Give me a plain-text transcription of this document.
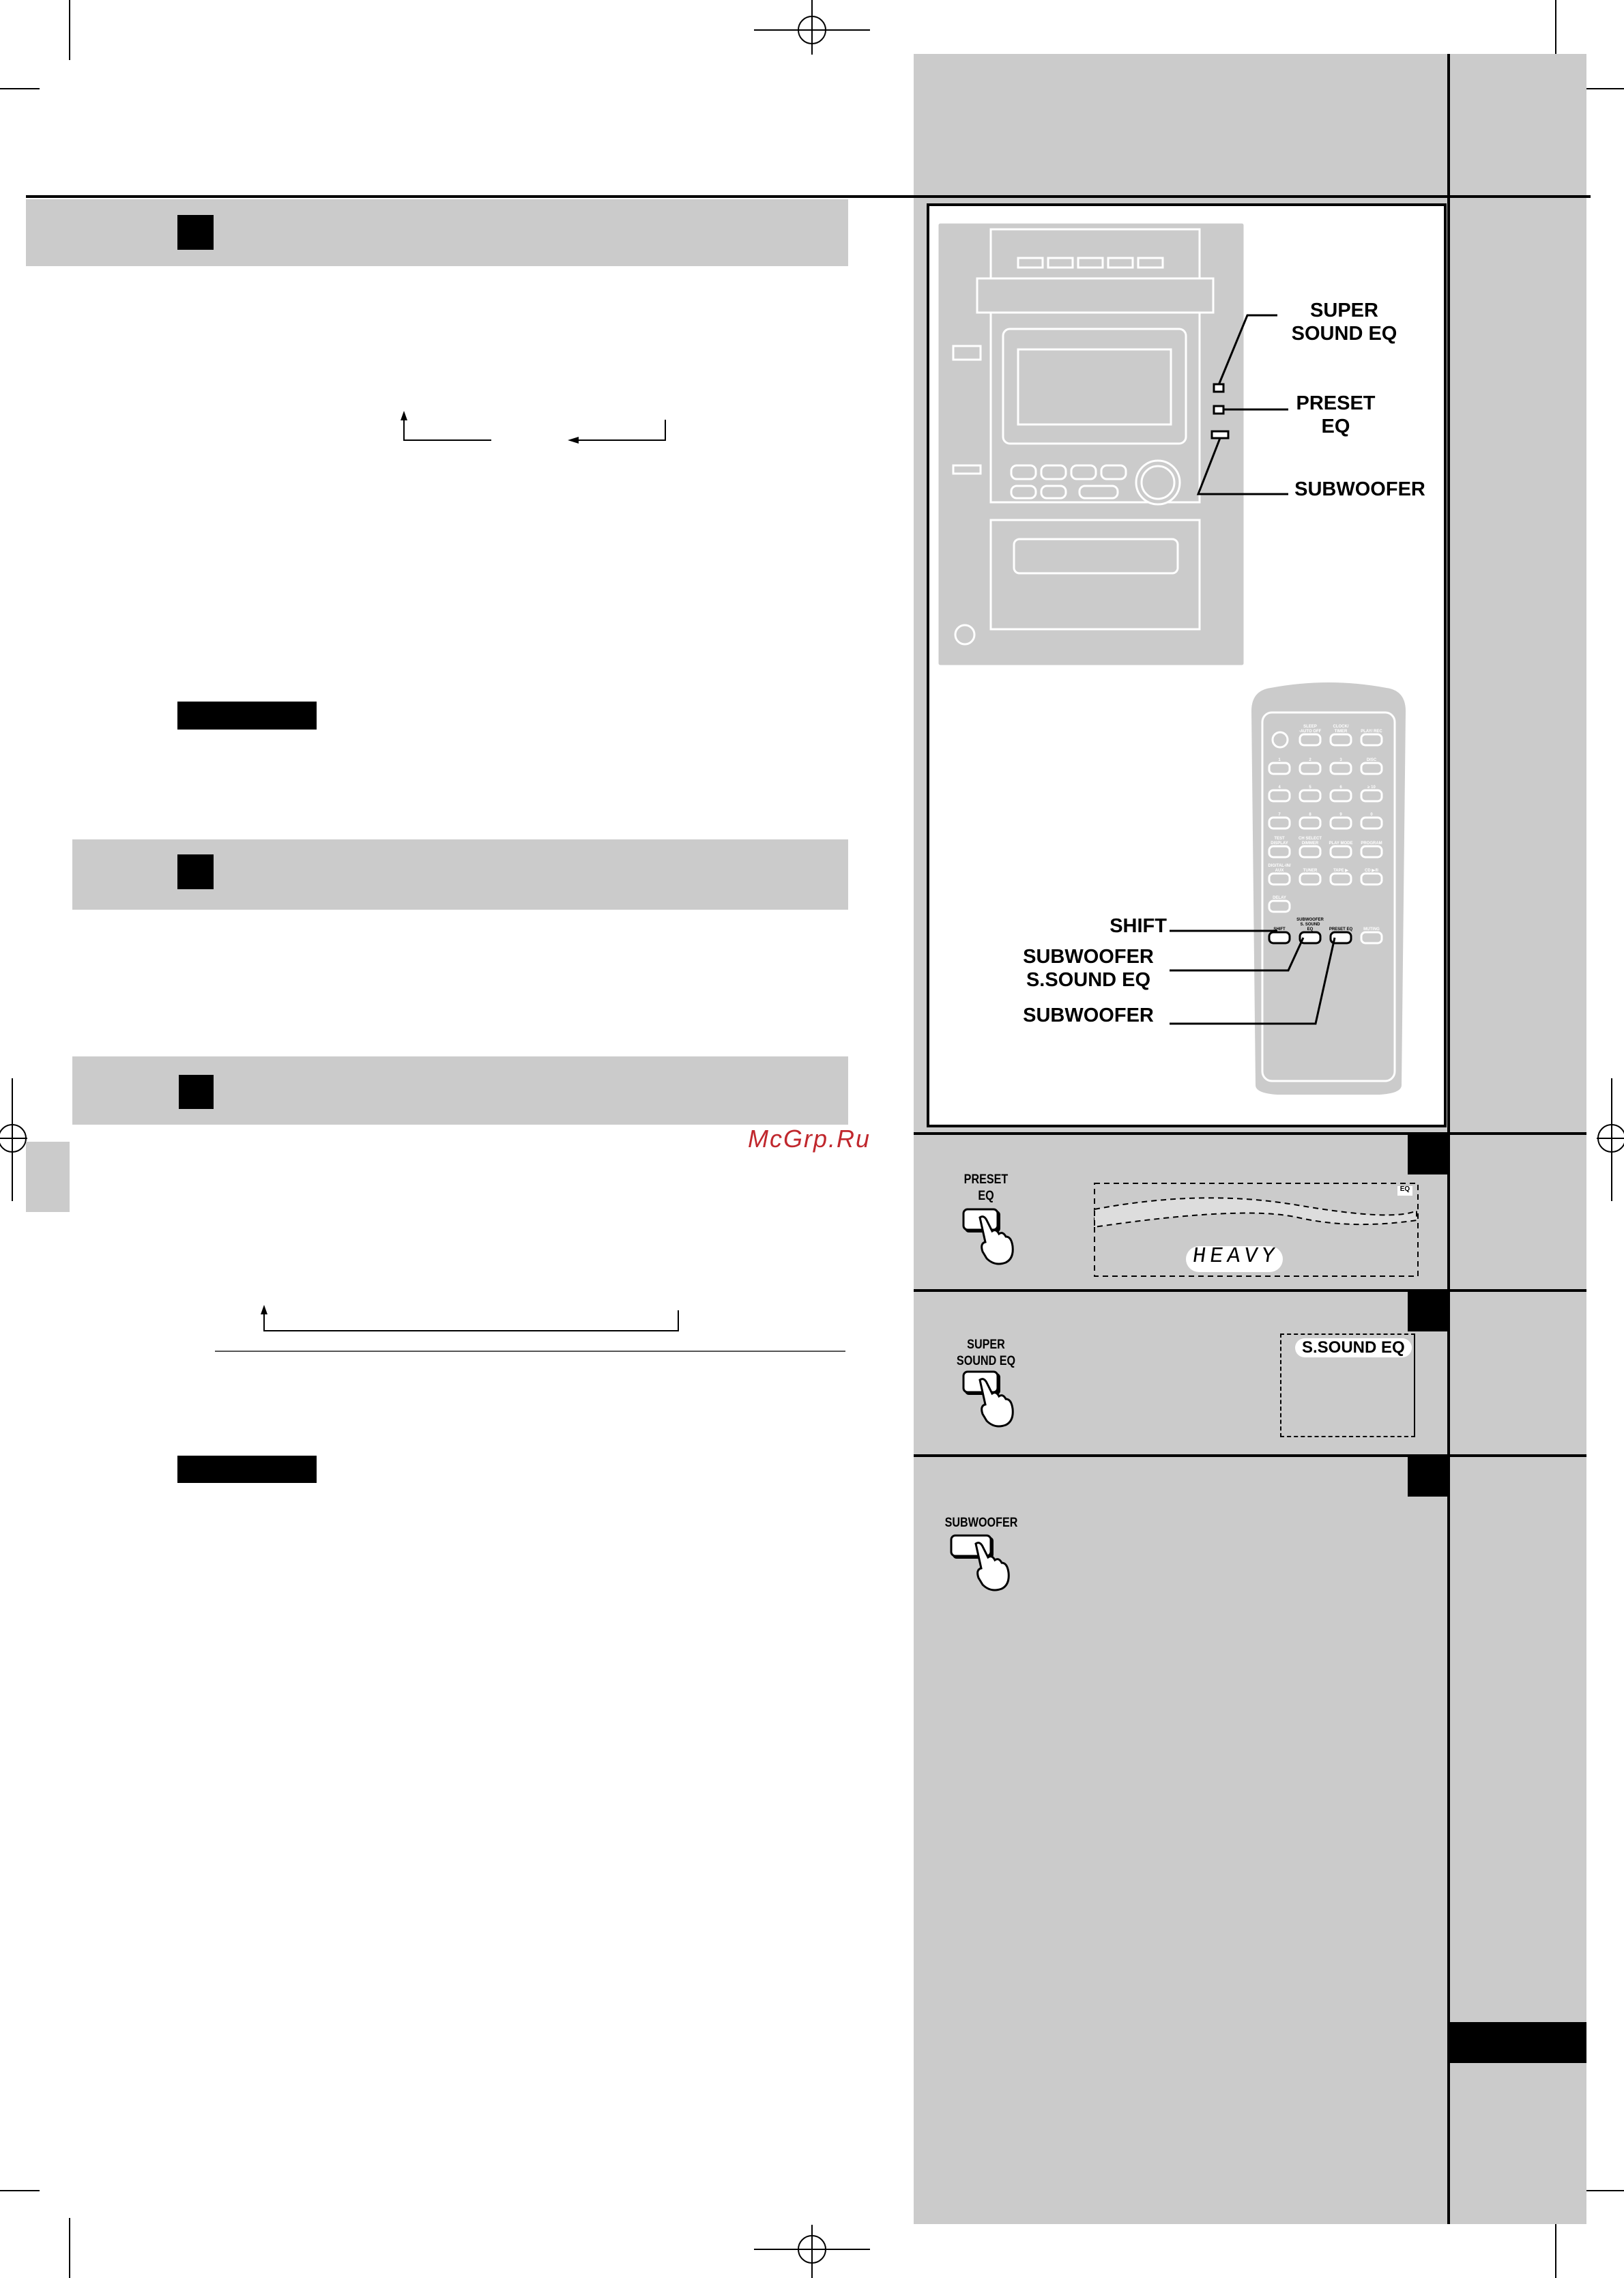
McGrp.Ru
SLEEP -AUTO OFF
CLOCK/ TIMER	PLAY/ REC
1	2	3	DISC
4	5	6	≥ 10
7	8	9	0
TEST DISPLAY
CH SELECT DIMMER	PLAY MODE PROGRAM
DIGITAL-IN/ AUX	TUNER	TAPE ▶	CD ▶/II
DELAY
SHIFT
SUBWOOFER S. SOUND EQ	PRESET EQ	MUTING
SUPER
SOUND EQ
PRESET
EQ
SUBWOOFER
SHIFT
SUBWOOFER
S.SOUND EQ
SUBWOOFER
PRESET
EQ	EQ
HEAVY
SUPER
SOUND EQ
S.SOUND EQ
SUBWOOFER
